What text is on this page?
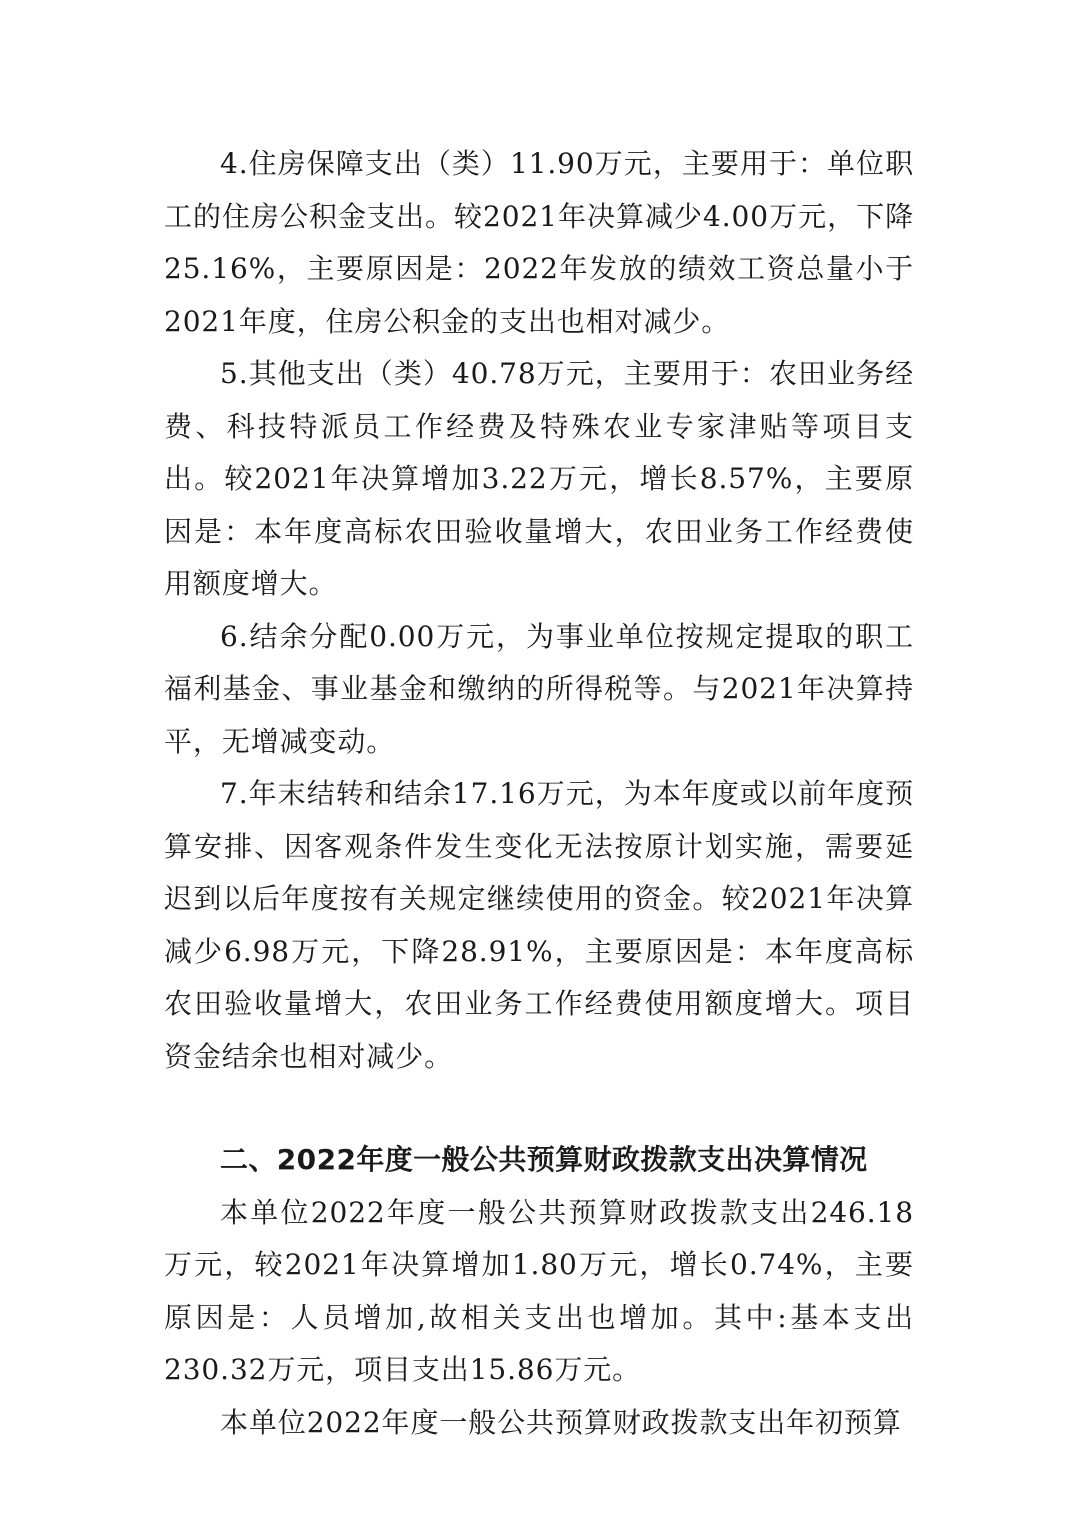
4.住房保障支出（类）11.90万元，主要用于：单位职工的住房公积金支出。较2021年决算减少4.00万元，下降25.16%，主要原因是：2022年发放的绩效工资总量小于2021年度，住房公积金的支出也相对减少。

5.其他支出（类）40.78万元，主要用于：农田业务经费、科技特派员工作经费及特殊农业专家津贴等项目支出。较2021年决算增加3.22万元，增长8.57%，主要原因是：本年度高标农田验收量增大，农田业务工作经费使用额度增大。

6.结余分配0.00万元，为事业单位按规定提取的职工福利基金、事业基金和缴纳的所得税等。与2021年决算持平，无增减变动。

7.年末结转和结余17.16万元，为本年度或以前年度预算安排、因客观条件发生变化无法按原计划实施，需要延迟到以后年度按有关规定继续使用的资金。较2021年决算减少6.98万元，下降28.91%，主要原因是：本年度高标农田验收量增大，农田业务工作经费使用额度增大。项目资金结余也相对减少。

二、2022年度一般公共预算财政拨款支出决算情况

本单位2022年度一般公共预算财政拨款支出246.18万元，较2021年决算增加1.80万元，增长0.74%，主要原因是：人员增加,故相关支出也增加。其中:基本支出230.32万元，项目支出15.86万元。

本单位2022年度一般公共预算财政拨款支出年初预算
